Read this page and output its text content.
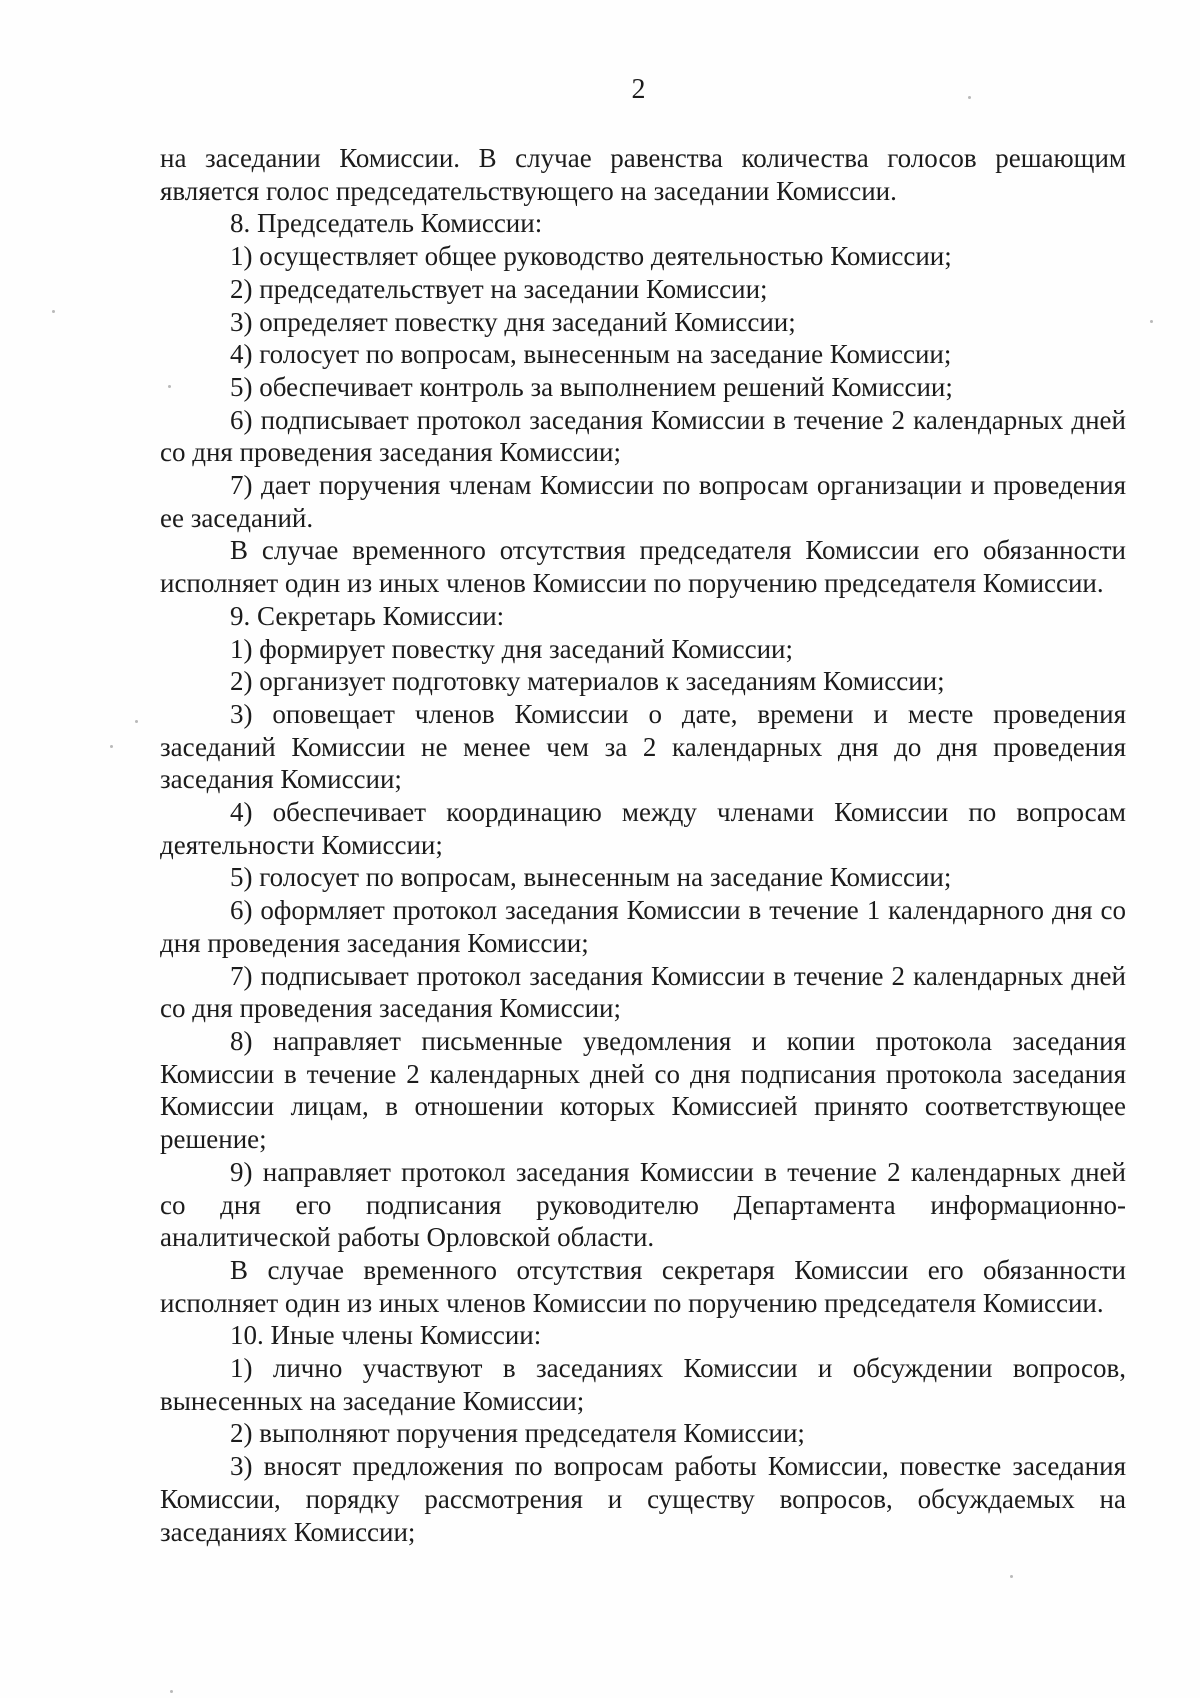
2

на заседании Комиссии. В случае равенства количества голосов решающим является голос председательствующего на заседании Комиссии.

8. Председатель Комиссии:

1) осуществляет общее руководство деятельностью Комиссии;

2) председательствует на заседании Комиссии;

3) определяет повестку дня заседаний Комиссии;

4) голосует по вопросам, вынесенным на заседание Комиссии;

5) обеспечивает контроль за выполнением решений Комиссии;

6) подписывает протокол заседания Комиссии в течение 2 календарных дней со дня проведения заседания Комиссии;

7) дает поручения членам Комиссии по вопросам организации и проведения ее заседаний.

В случае временного отсутствия председателя Комиссии его обязанности исполняет один из иных членов Комиссии по поручению председателя Комиссии.

9. Секретарь Комиссии:

1) формирует повестку дня заседаний Комиссии;

2) организует подготовку материалов к заседаниям Комиссии;

3) оповещает членов Комиссии о дате, времени и месте проведения заседаний Комиссии не менее чем за 2 календарных дня до дня проведения заседания Комиссии;

4) обеспечивает координацию между членами Комиссии по вопросам деятельности Комиссии;

5) голосует по вопросам, вынесенным на заседание Комиссии;

6) оформляет протокол заседания Комиссии в течение 1 календарного дня со дня проведения заседания Комиссии;

7) подписывает протокол заседания Комиссии в течение 2 календарных дней со дня проведения заседания Комиссии;

8) направляет письменные уведомления и копии протокола заседания Комиссии в течение 2 календарных дней со дня подписания протокола заседания Комиссии лицам, в отношении которых Комиссией принято соответствующее решение;

9) направляет протокол заседания Комиссии в течение 2 календарных дней со дня его подписания руководителю Департамента информационно-аналитической работы Орловской области.

В случае временного отсутствия секретаря Комиссии его обязанности исполняет один из иных членов Комиссии по поручению председателя Комиссии.

10. Иные члены Комиссии:

1) лично участвуют в заседаниях Комиссии и обсуждении вопросов, вынесенных на заседание Комиссии;

2) выполняют поручения председателя Комиссии;

3) вносят предложения по вопросам работы Комиссии, повестке заседания Комиссии, порядку рассмотрения и существу вопросов, обсуждаемых на заседаниях Комиссии;
